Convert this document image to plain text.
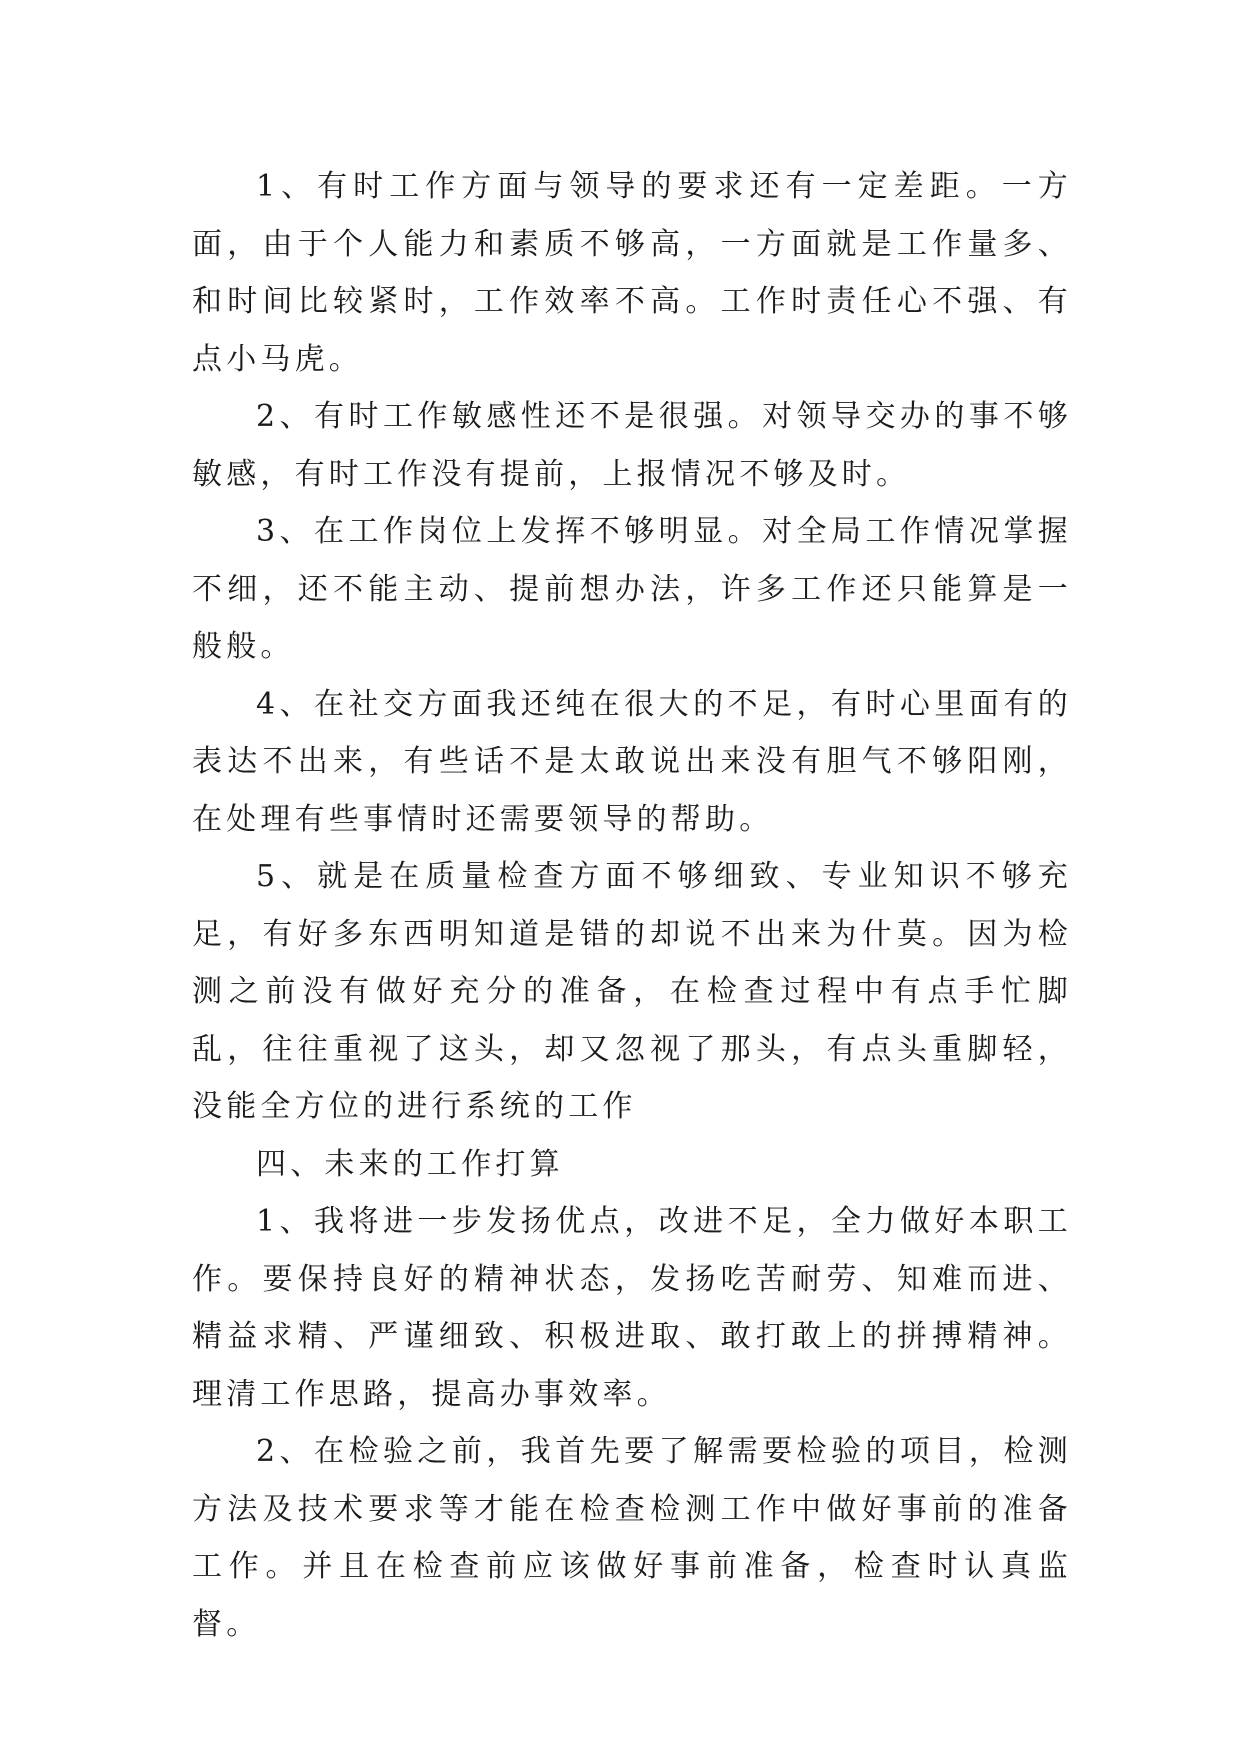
1、有时工作方面与领导的要求还有一定差距。一方面，由于个人能力和素质不够高，一方面就是工作量多、和时间比较紧时，工作效率不高。工作时责任心不强、有点小马虎。

2、有时工作敏感性还不是很强。对领导交办的事不够敏感，有时工作没有提前，上报情况不够及时。

3、在工作岗位上发挥不够明显。对全局工作情况掌握不细，还不能主动、提前想办法，许多工作还只能算是一般般。

4、在社交方面我还纯在很大的不足，有时心里面有的表达不出来，有些话不是太敢说出来没有胆气不够阳刚，在处理有些事情时还需要领导的帮助。

5、就是在质量检查方面不够细致、专业知识不够充足，有好多东西明知道是错的却说不出来为什莫。因为检测之前没有做好充分的准备，在检查过程中有点手忙脚乱，往往重视了这头，却又忽视了那头，有点头重脚轻，没能全方位的进行系统的工作

四、未来的工作打算

1、我将进一步发扬优点，改进不足，全力做好本职工作。要保持良好的精神状态，发扬吃苦耐劳、知难而进、精益求精、严谨细致、积极进取、敢打敢上的拼搏精神。理清工作思路，提高办事效率。

2、在检验之前，我首先要了解需要检验的项目，检测方法及技术要求等才能在检查检测工作中做好事前的准备工作。并且在检查前应该做好事前准备，检查时认真监督。
